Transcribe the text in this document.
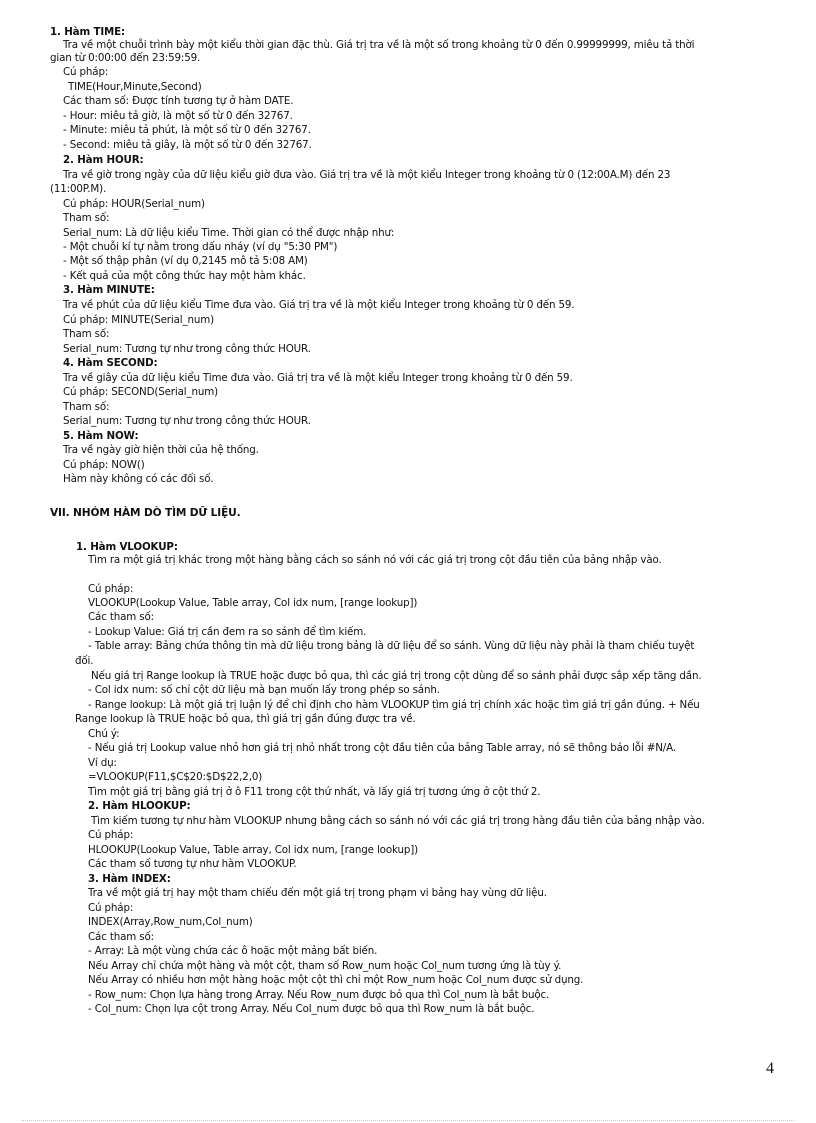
1. Hàm TIME:
Tra về một chuỗi trình bày một kiểu thời gian đặc thù. Giá trị tra về là một số trong khoảng từ 0 đến 0.99999999, miêu tả thời
gian từ 0:00:00 đến 23:59:59.
Cú pháp:
TIME(Hour,Minute,Second)
Các tham số: Được tính tương tự ở hàm DATE.
- Hour: miêu tả giờ, là một số từ 0 đến 32767.
- Minute: miêu tả phút, là một số từ 0 đến 32767.
- Second: miêu tả giây, là một số từ 0 đến 32767.
2. Hàm HOUR:
Tra về giờ trong ngày của dữ liệu kiểu giờ đưa vào. Giá trị tra về là một kiểu Integer trong khoảng từ 0 (12:00A.M) đến 23
(11:00P.M).
Cú pháp: HOUR(Serial_num)
Tham số:
Serial_num: Là dữ liệu kiểu Time. Thời gian có thể được nhập như:
- Một chuỗi kí tự nằm trong dấu nháy (ví dụ "5:30 PM")
- Một số thập phân (ví dụ 0,2145 mô tả 5:08 AM)
- Kết quả của một công thức hay một hàm khác.
3. Hàm MINUTE:
Tra về phút của dữ liệu kiểu Time đưa vào. Giá trị tra về là một kiểu Integer trong khoảng từ 0 đến 59.
Cú pháp: MINUTE(Serial_num)
Tham số:
Serial_num: Tương tự như trong công thức HOUR.
4. Hàm SECOND:
Tra về giây của dữ liệu kiểu Time đưa vào. Giá trị tra về là một kiểu Integer trong khoảng từ 0 đến 59.
Cú pháp: SECOND(Serial_num)
Tham số:
Serial_num: Tương tự như trong công thức HOUR.
5. Hàm NOW:
Tra về ngày giờ hiện thời của hệ thống.
Cú pháp: NOW()
Hàm này không có các đối số.
VII. NHÓM HÀM DÒ TÌM DỮ LIỆU.
1. Hàm VLOOKUP:
Tìm ra một giá trị khác trong một hàng bằng cách so sánh nó với các giá trị trong cột đầu tiên của bảng nhập vào.
Cú pháp:
VLOOKUP(Lookup Value, Table array, Col idx num, [range lookup])
Các tham số:
- Lookup Value: Giá trị cần đem ra so sánh để tìm kiếm.
- Table array: Bảng chứa thông tin mà dữ liệu trong bảng là dữ liệu để so sánh. Vùng dữ liệu này phải là tham chiếu tuyệt
đối.
Nếu giá trị Range lookup là TRUE hoặc được bỏ qua, thì các giá trị trong cột dùng để so sánh phải được sắp xếp tăng dần.
- Col idx num: số chỉ cột dữ liệu mà bạn muốn lấy trong phép so sánh.
- Range lookup: Là một giá trị luận lý để chỉ định cho hàm VLOOKUP tìm giá trị chính xác hoặc tìm giá trị gần đúng. + Nếu
Range lookup là TRUE hoặc bỏ qua, thì giá trị gần đúng được tra về.
Chú ý:
- Nếu giá trị Lookup value nhỏ hơn giá trị nhỏ nhất trong cột đầu tiên của bảng Table array, nó sẽ thông báo lỗi #N/A.
Ví dụ:
=VLOOKUP(F11,$C$20:$D$22,2,0)
Tìm một giá trị bằng giá trị ở ô F11 trong cột thứ nhất, và lấy giá trị tương ứng ở cột thứ 2.
2. Hàm HLOOKUP:
Tìm kiếm tương tự như hàm VLOOKUP nhưng bằng cách so sánh nó với các giá trị trong hàng đầu tiên của bảng nhập vào.
Cú pháp:
HLOOKUP(Lookup Value, Table array, Col idx num, [range lookup])
Các tham số tương tự như hàm VLOOKUP.
3. Hàm INDEX:
Tra về một giá trị hay một tham chiếu đến một giá trị trong phạm vi bảng hay vùng dữ liệu.
Cú pháp:
INDEX(Array,Row_num,Col_num)
Các tham số:
- Array: Là một vùng chứa các ô hoặc một mảng bất biến.
Nếu Array chỉ chứa một hàng và một cột, tham số Row_num hoặc Col_num tương ứng là tùy ý.
Nếu Array có nhiều hơn một hàng hoặc một cột thì chỉ một Row_num hoặc Col_num được sử dụng.
- Row_num: Chọn lựa hàng trong Array. Nếu Row_num được bỏ qua thì Col_num là bắt buộc.
- Col_num: Chọn lựa cột trong Array. Nếu Col_num được bỏ qua thì Row_num là bắt buộc.
4
